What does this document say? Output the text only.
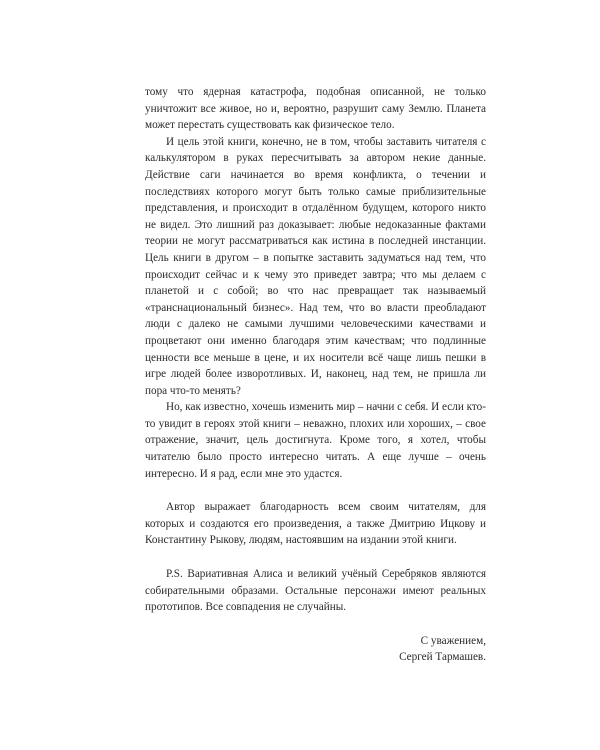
тому что ядерная катастрофа, подобная описанной, не только уничтожит все живое, но и, вероятно, разрушит саму Землю. Планета может перестать существовать как физическое тело.

И цель этой книги, конечно, не в том, чтобы заставить читателя с калькулятором в руках пересчитывать за автором некие данные. Действие саги начинается во время конфликта, о течении и последствиях которого могут быть только самые приблизительные представления, и происходит в отдалённом будущем, которого никто не видел. Это лишний раз доказывает: любые недоказанные фактами теории не могут рассматриваться как истина в последней инстанции. Цель книги в другом – в попытке заставить задуматься над тем, что происходит сейчас и к чему это приведет завтра; что мы делаем с планетой и с собой; во что нас превращает так называемый «транснациональный бизнес». Над тем, что во власти преобладают люди с далеко не самыми лучшими человеческими качествами и процветают они именно благодаря этим качествам; что подлинные ценности все меньше в цене, и их носители всё чаще лишь пешки в игре людей более изворотливых. И, наконец, над тем, не пришла ли пора что-то менять?

Но, как известно, хочешь изменить мир – начни с себя. И если кто-то увидит в героях этой книги – неважно, плохих или хороших, – свое отражение, значит, цель достигнута. Кроме того, я хотел, чтобы читателю было просто интересно читать. А еще лучше – очень интересно. И я рад, если мне это удастся.

Автор выражает благодарность всем своим читателям, для которых и создаются его произведения, а также Дмитрию Ицкову и Константину Рыкову, людям, настоявшим на издании этой книги.

P.S. Вариативная Алиса и великий учёный Серебряков являются собирательными образами. Остальные персонажи имеют реальных прототипов. Все совпадения не случайны.

С уважением,
Сергей Тармашев.
